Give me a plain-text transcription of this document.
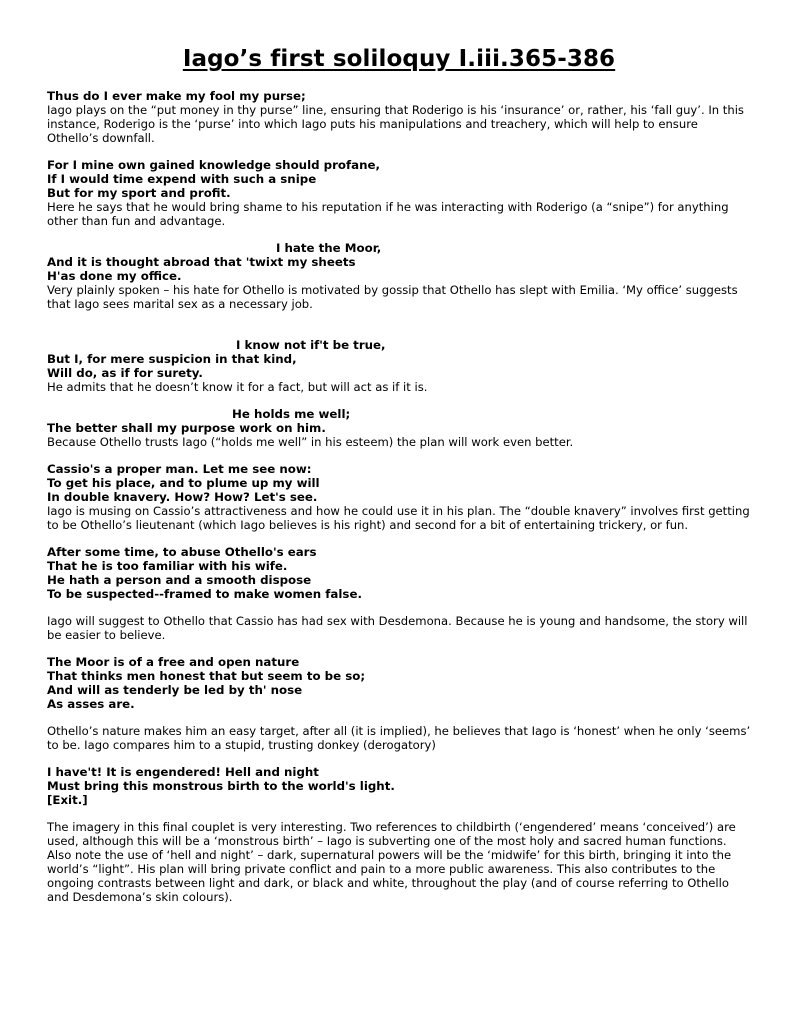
Iago’s first soliloquy I.iii.365-386
Thus do I ever make my fool my purse;

Iago plays on the “put money in thy purse” line, ensuring that Roderigo is his ‘insurance’ or, rather, his ‘fall guy’. In this instance, Roderigo is the ‘purse’ into which Iago puts his manipulations and treachery, which will help to ensure Othello’s downfall.

For I mine own gained knowledge should profane,
If I would time expend with such a snipe
But for my sport and profit.

Here he says that he would bring shame to his reputation if he was interacting with Roderigo (a “snipe”) for anything other than fun and advantage.

I hate the Moor,
And it is thought abroad that 'twixt my sheets
H'as done my office.

Very plainly spoken – his hate for Othello is motivated by gossip that Othello has slept with Emilia. ‘My office’ suggests that Iago sees marital sex as a necessary job.

I know not if't be true,
But I, for mere suspicion in that kind,
Will do, as if for surety.

He admits that he doesn’t know it for a fact, but will act as if it is.

He holds me well;
The better shall my purpose work on him.

Because Othello trusts Iago (“holds me well” in his esteem) the plan will work even better.

Cassio's a proper man. Let me see now:
To get his place, and to plume up my will
In double knavery. How? How? Let's see.

Iago is musing on Cassio’s attractiveness and how he could use it in his plan. The “double knavery” involves first getting to be Othello’s lieutenant (which Iago believes is his right) and second for a bit of entertaining trickery, or fun.

After some time, to abuse Othello's ears
That he is too familiar with his wife.
He hath a person and a smooth dispose
To be suspected--framed to make women false.

Iago will suggest to Othello that Cassio has had sex with Desdemona. Because he is young and handsome, the story will be easier to believe.

The Moor is of a free and open nature
That thinks men honest that but seem to be so;
And will as tenderly be led by th' nose
As asses are.

Othello’s nature makes him an easy target, after all (it is implied), he believes that Iago is ‘honest’ when he only ‘seems’ to be. Iago compares him to a stupid, trusting donkey (derogatory)

I have't! It is engendered! Hell and night
Must bring this monstrous birth to the world's light.
[Exit.]

The imagery in this final couplet is very interesting. Two references to childbirth (‘engendered’ means ‘conceived’) are used, although this will be a ‘monstrous birth’ – Iago is subverting one of the most holy and sacred human functions. Also note the use of ‘hell and night’ – dark, supernatural powers will be the ‘midwife’ for this birth, bringing it into the world’s “light”. His plan will bring private conflict and pain to a more public awareness. This also contributes to the ongoing contrasts between light and dark, or black and white, throughout the play (and of course referring to Othello and Desdemona’s skin colours).
